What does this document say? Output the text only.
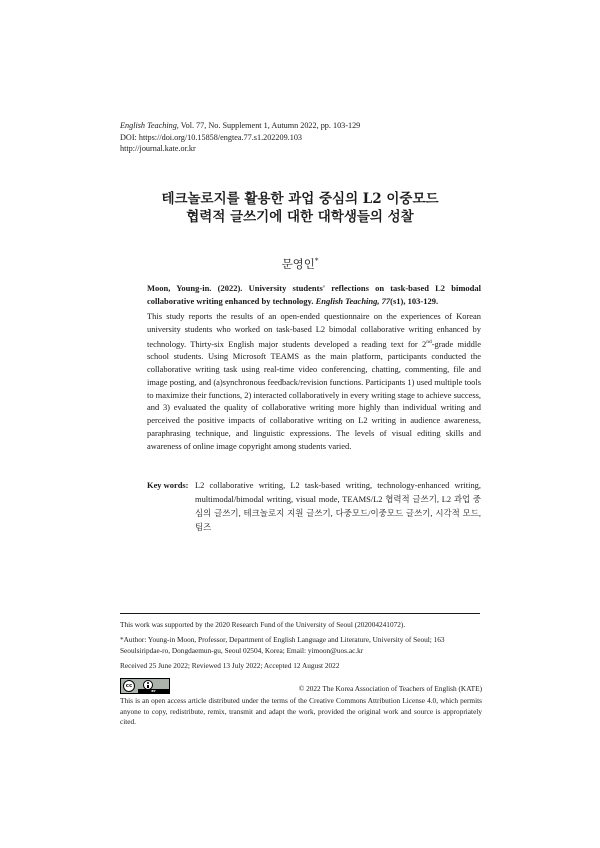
English Teaching, Vol. 77, No. Supplement 1, Autumn 2022, pp. 103-129
DOI: https://doi.org/10.15858/engtea.77.s1.202209.103
http://journal.kate.or.kr
테크놀로지를 활용한 과업 중심의 L2 이중모드
협력적 글쓰기에 대한 대학생들의 성찰
문영인*
Moon, Young-in. (2022). University students' reflections on task-based L2 bimodal collaborative writing enhanced by technology. English Teaching, 77(s1), 103-129.
This study reports the results of an open-ended questionnaire on the experiences of Korean university students who worked on task-based L2 bimodal collaborative writing enhanced by technology. Thirty-six English major students developed a reading text for 2nd-grade middle school students. Using Microsoft TEAMS as the main platform, participants conducted the collaborative writing task using real-time video conferencing, chatting, commenting, file and image posting, and (a)synchronous feedback/revision functions. Participants 1) used multiple tools to maximize their functions, 2) interacted collaboratively in every writing stage to achieve success, and 3) evaluated the quality of collaborative writing more highly than individual writing and perceived the positive impacts of collaborative writing on L2 writing in audience awareness, paraphrasing technique, and linguistic expressions. The levels of visual editing skills and awareness of online image copyright among students varied.
Key words: L2 collaborative writing, L2 task-based writing, technology-enhanced writing, multimodal/bimodal writing, visual mode, TEAMS/L2 협력적 글쓰기, L2 과업 중심의 글쓰기, 테크놀로지 지원 글쓰기, 다중모드/이중모드 글쓰기, 시각적 모드, 팀즈

This work was supported by the 2020 Research Fund of the University of Seoul (202004241072).

*Author: Young-in Moon, Professor, Department of English Language and Literature, University of Seoul; 163 Seoulsiripdae-ro, Dongdaemun-gu, Seoul 02504, Korea; Email: yimoon@uos.ac.kr

Received 25 June 2022; Reviewed 13 July 2022; Accepted 12 August 2022

cc
BY	© 2022 The Korea Association of Teachers of English (KATE)
This is an open access article distributed under the terms of the Creative Commons Attribution License 4.0, which permits anyone to copy, redistribute, remix, transmit and adapt the work, provided the original work and source is appropriately cited.
